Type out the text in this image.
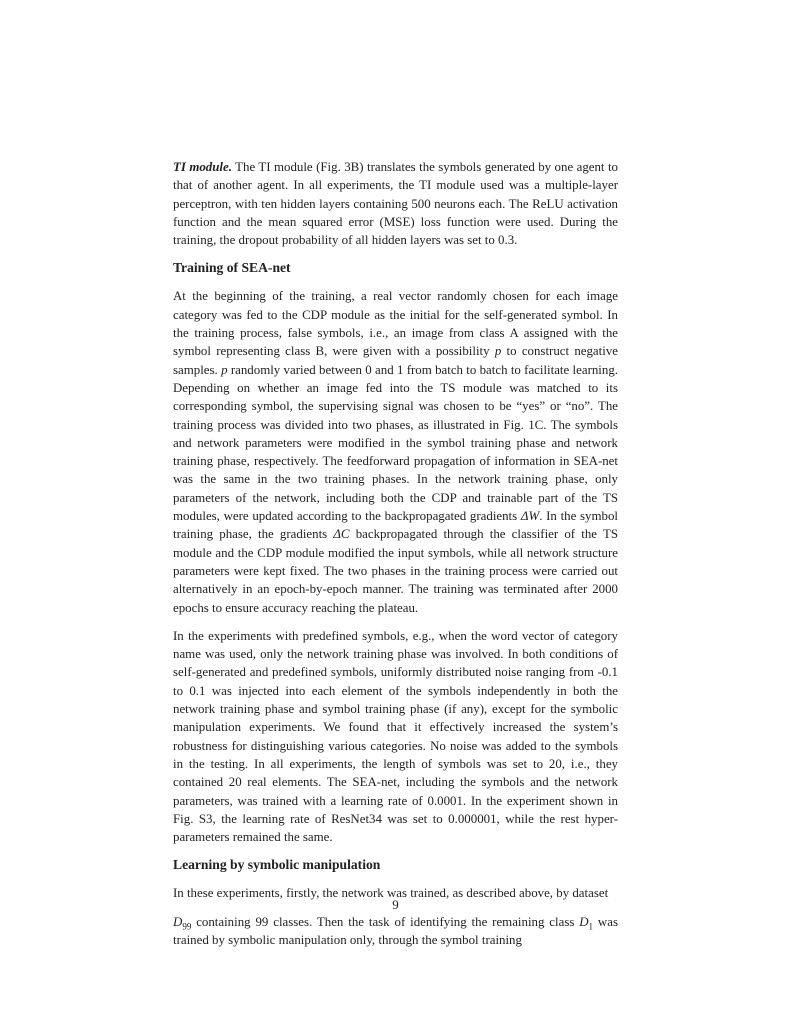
TI module. The TI module (Fig. 3B) translates the symbols generated by one agent to that of another agent. In all experiments, the TI module used was a multiple-layer perceptron, with ten hidden layers containing 500 neurons each. The ReLU activation function and the mean squared error (MSE) loss function were used. During the training, the dropout probability of all hidden layers was set to 0.3.

Training of SEA-net

At the beginning of the training, a real vector randomly chosen for each image category was fed to the CDP module as the initial for the self-generated symbol. In the training process, false symbols, i.e., an image from class A assigned with the symbol representing class B, were given with a possibility p to construct negative samples. p randomly varied between 0 and 1 from batch to batch to facilitate learning. Depending on whether an image fed into the TS module was matched to its corresponding symbol, the supervising signal was chosen to be “yes” or “no”. The training process was divided into two phases, as illustrated in Fig. 1C. The symbols and network parameters were modified in the symbol training phase and network training phase, respectively. The feedforward propagation of information in SEA-net was the same in the two training phases. In the network training phase, only parameters of the network, including both the CDP and trainable part of the TS modules, were updated according to the backpropagated gradients ΔW. In the symbol training phase, the gradients ΔC backpropagated through the classifier of the TS module and the CDP module modified the input symbols, while all network structure parameters were kept fixed. The two phases in the training process were carried out alternatively in an epoch-by-epoch manner. The training was terminated after 2000 epochs to ensure accuracy reaching the plateau.

In the experiments with predefined symbols, e.g., when the word vector of category name was used, only the network training phase was involved. In both conditions of self-generated and predefined symbols, uniformly distributed noise ranging from -0.1 to 0.1 was injected into each element of the symbols independently in both the network training phase and symbol training phase (if any), except for the symbolic manipulation experiments. We found that it effectively increased the system’s robustness for distinguishing various categories. No noise was added to the symbols in the testing. In all experiments, the length of symbols was set to 20, i.e., they contained 20 real elements. The SEA-net, including the symbols and the network parameters, was trained with a learning rate of 0.0001. In the experiment shown in Fig. S3, the learning rate of ResNet34 was set to 0.000001, while the rest hyper-parameters remained the same.

Learning by symbolic manipulation

In these experiments, firstly, the network was trained, as described above, by dataset

$D_{99}$ containing 99 classes. Then the task of identifying the remaining class $D_1$ was trained by symbolic manipulation only, through the symbol training

9
